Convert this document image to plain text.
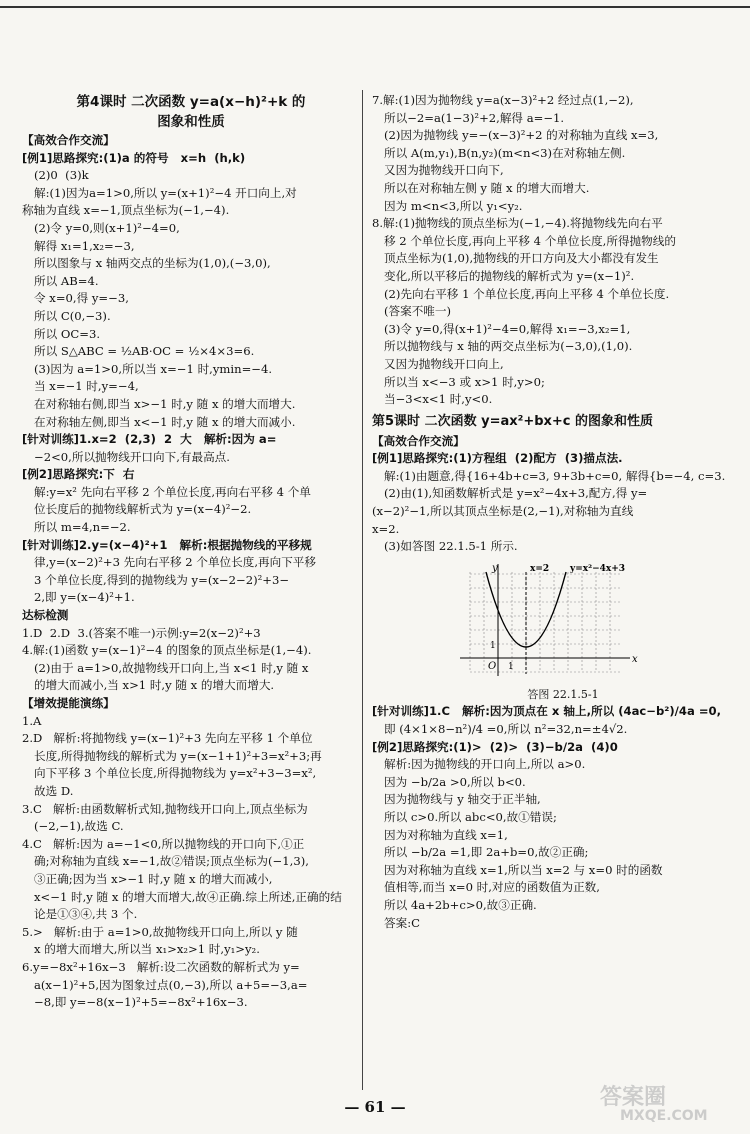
第4课时 二次函数 y=a(x−h)²+k 的
图象和性质

【高效合作交流】

[例1]思路探究:(1)a 的符号   x=h  (h,k)

(2)0  (3)k

解:(1)因为a=1>0,所以 y=(x+1)²−4 开口向上,对

称轴为直线 x=−1,顶点坐标为(−1,−4).

(2)令 y=0,则(x+1)²−4=0,

解得 x₁=1,x₂=−3,

所以图象与 x 轴两交点的坐标为(1,0),(−3,0),

所以 AB=4.

令 x=0,得 y=−3,

所以 C(0,−3).

所以 OC=3.

所以 S△ABC = ½AB·OC = ½×4×3=6.

(3)因为 a=1>0,所以当 x=−1 时,ymin=−4.

当 x=−1 时,y=−4,

在对称轴右侧,即当 x>−1 时,y 随 x 的增大而增大.

在对称轴左侧,即当 x<−1 时,y 随 x 的增大而减小.

[针对训练]1.x=2  (2,3)  2  大   解析:因为 a=

−2<0,所以抛物线开口向下,有最高点.

[例2]思路探究:下  右

解:y=x² 先向右平移 2 个单位长度,再向右平移 4 个单

位长度后的抛物线解析式为 y=(x−4)²−2.

所以 m=4,n=−2.

[针对训练]2.y=(x−4)²+1   解析:根据抛物线的平移规

律,y=(x−2)²+3 先向右平移 2 个单位长度,再向下平移

3 个单位长度,得到的抛物线为 y=(x−2−2)²+3−

2,即 y=(x−4)²+1.

达标检测

1.D  2.D  3.(答案不唯一)示例:y=2(x−2)²+3

4.解:(1)函数 y=(x−1)²−4 的图象的顶点坐标是(1,−4).

(2)由于 a=1>0,故抛物线开口向上,当 x<1 时,y 随 x

的增大而减小,当 x>1 时,y 随 x 的增大而增大.

【增效提能演练】

1.A

2.D   解析:将抛物线 y=(x−1)²+3 先向左平移 1 个单位

长度,所得抛物线的解析式为 y=(x−1+1)²+3=x²+3;再

向下平移 3 个单位长度,所得抛物线为 y=x²+3−3=x²,

故选 D.

3.C   解析:由函数解析式知,抛物线开口向上,顶点坐标为

(−2,−1),故选 C.

4.C   解析:因为 a=−1<0,所以抛物线的开口向下,①正

确;对称轴为直线 x=−1,故②错误;顶点坐标为(−1,3),

③正确;因为当 x>−1 时,y 随 x 的增大而减小,

x<−1 时,y 随 x 的增大而增大,故④正确.综上所述,正确的结

论是①③④,共 3 个.

5.>   解析:由于 a=1>0,故抛物线开口向上,所以 y 随

x 的增大而增大,所以当 x₁>x₂>1 时,y₁>y₂.

6.y=−8x²+16x−3   解析:设二次函数的解析式为 y=

a(x−1)²+5,因为图象过点(0,−3),所以 a+5=−3,a=

−8,即 y=−8(x−1)²+5=−8x²+16x−3.

7.解:(1)因为抛物线 y=a(x−3)²+2 经过点(1,−2),

所以−2=a(1−3)²+2,解得 a=−1.

(2)因为抛物线 y=−(x−3)²+2 的对称轴为直线 x=3,

所以 A(m,y₁),B(n,y₂)(m<n<3)在对称轴左侧.

又因为抛物线开口向下,

所以在对称轴左侧 y 随 x 的增大而增大.

因为 m<n<3,所以 y₁<y₂.

8.解:(1)抛物线的顶点坐标为(−1,−4).将抛物线先向右平

移 2 个单位长度,再向上平移 4 个单位长度,所得抛物线的

顶点坐标为(1,0),抛物线的开口方向及大小都没有发生

变化,所以平移后的抛物线的解析式为 y=(x−1)².

(2)先向右平移 1 个单位长度,再向上平移 4 个单位长度.

(答案不唯一)

(3)令 y=0,得(x+1)²−4=0,解得 x₁=−3,x₂=1,

所以抛物线与 x 轴的两交点坐标为(−3,0),(1,0).

又因为抛物线开口向上,

所以当 x<−3 或 x>1 时,y>0;

当−3<x<1 时,y<0.

第5课时 二次函数 y=ax²+bx+c 的图象和性质

【高效合作交流】

[例1]思路探究:(1)方程组  (2)配方  (3)描点法.

解:(1)由题意,得{16+4b+c=3, 9+3b+c=0, 解得{b=−4, c=3.

(2)由(1),知函数解析式是 y=x²−4x+3,配方,得 y=

(x−2)²−1,所以其顶点坐标是(2,−1),对称轴为直线

x=2.

(3)如答图 22.1.5-1 所示.

y
x
O 1
1
x=2 y=x²−4x+3
答图 22.1.5-1

[针对训练]1.C   解析:因为顶点在 x 轴上,所以 (4ac−b²)/4a =0,

即 (4×1×8−n²)/4 =0,所以 n²=32,n=±4√2.

[例2]思路探究:(1)>  (2)>  (3)−b/2a  (4)0

解析:因为抛物线的开口向上,所以 a>0.

因为 −b/2a >0,所以 b<0.

因为抛物线与 y 轴交于正半轴,

所以 c>0.所以 abc<0,故①错误;

因为对称轴为直线 x=1,

所以 −b/2a =1,即 2a+b=0,故②正确;

因为对称轴为直线 x=1,所以当 x=2 与 x=0 时的函数

值相等,而当 x=0 时,对应的函数值为正数,

所以 4a+2b+c>0,故③正确.

答案:C

— 61 —	答案圈
MXQE.COM
